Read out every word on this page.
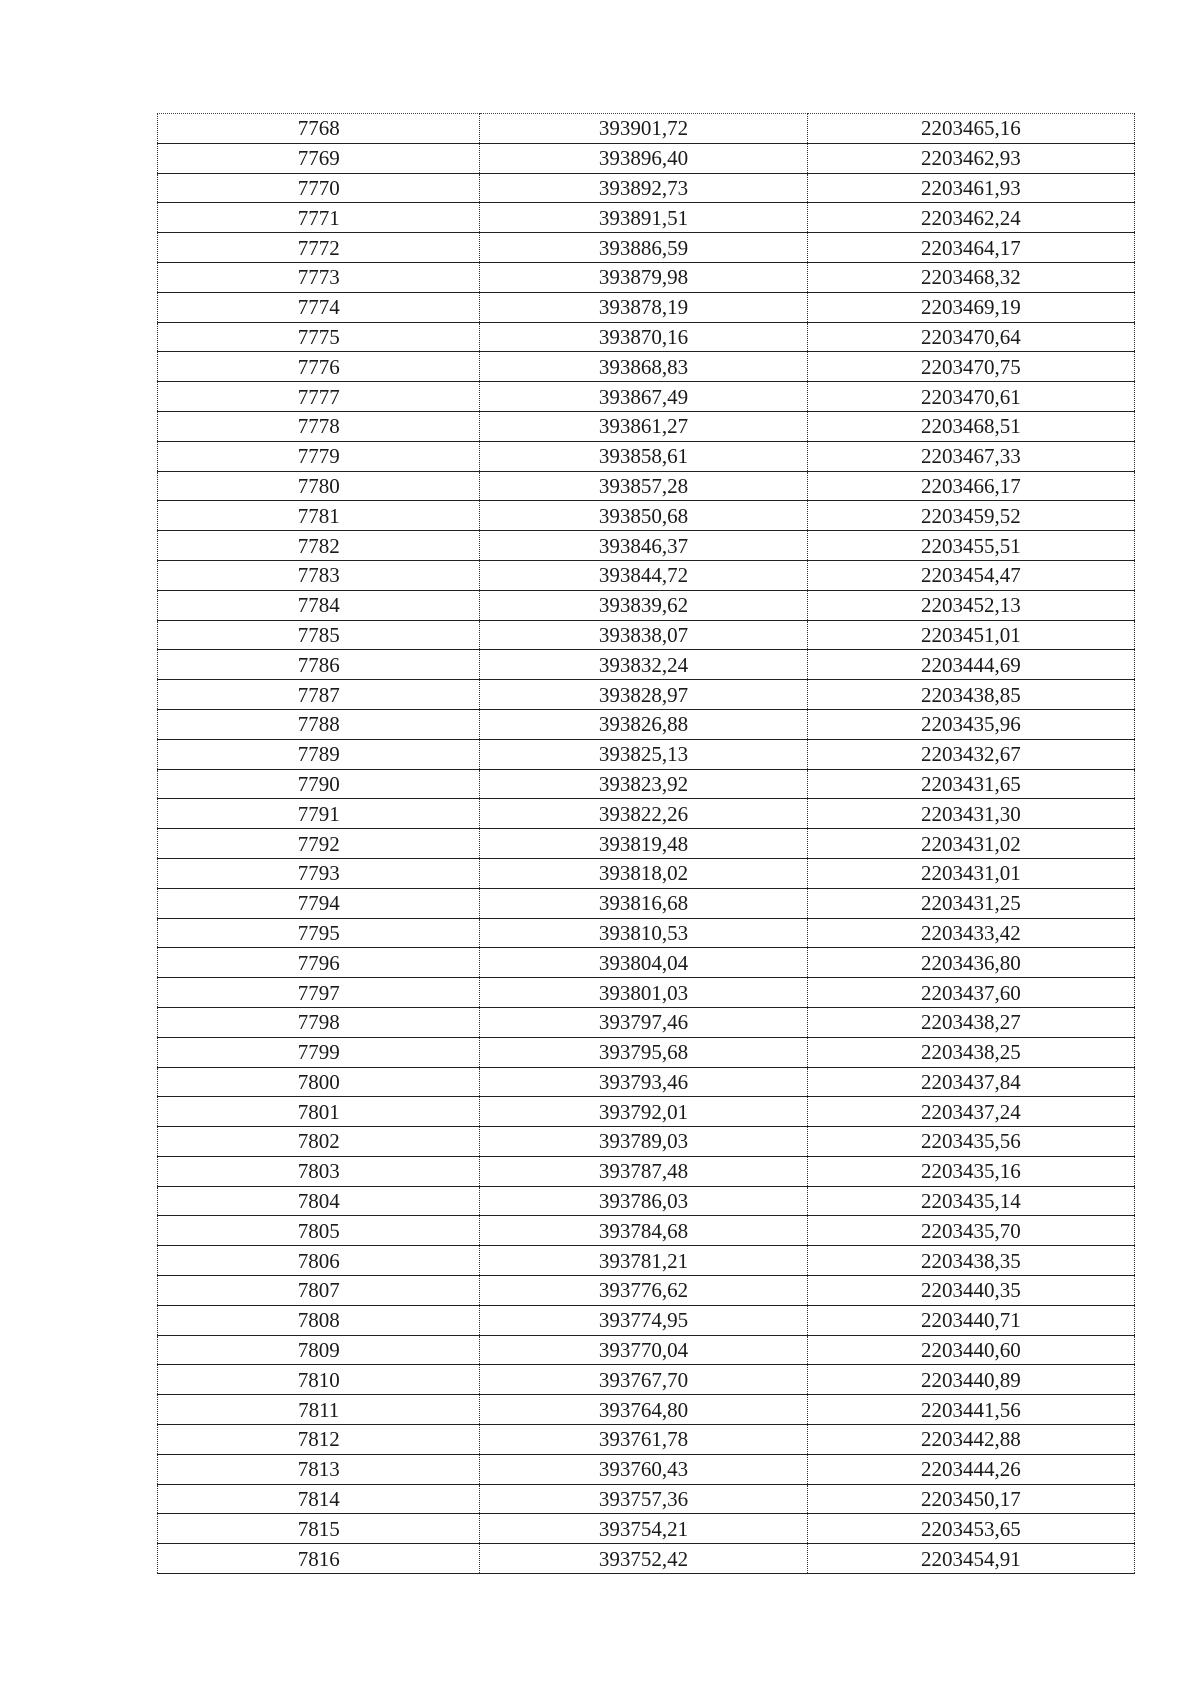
7768	393901,72	2203465,16
7769	393896,40	2203462,93
7770	393892,73	2203461,93
7771	393891,51	2203462,24
7772	393886,59	2203464,17
7773	393879,98	2203468,32
7774	393878,19	2203469,19
7775	393870,16	2203470,64
7776	393868,83	2203470,75
7777	393867,49	2203470,61
7778	393861,27	2203468,51
7779	393858,61	2203467,33
7780	393857,28	2203466,17
7781	393850,68	2203459,52
7782	393846,37	2203455,51
7783	393844,72	2203454,47
7784	393839,62	2203452,13
7785	393838,07	2203451,01
7786	393832,24	2203444,69
7787	393828,97	2203438,85
7788	393826,88	2203435,96
7789	393825,13	2203432,67
7790	393823,92	2203431,65
7791	393822,26	2203431,30
7792	393819,48	2203431,02
7793	393818,02	2203431,01
7794	393816,68	2203431,25
7795	393810,53	2203433,42
7796	393804,04	2203436,80
7797	393801,03	2203437,60
7798	393797,46	2203438,27
7799	393795,68	2203438,25
7800	393793,46	2203437,84
7801	393792,01	2203437,24
7802	393789,03	2203435,56
7803	393787,48	2203435,16
7804	393786,03	2203435,14
7805	393784,68	2203435,70
7806	393781,21	2203438,35
7807	393776,62	2203440,35
7808	393774,95	2203440,71
7809	393770,04	2203440,60
7810	393767,70	2203440,89
7811	393764,80	2203441,56
7812	393761,78	2203442,88
7813	393760,43	2203444,26
7814	393757,36	2203450,17
7815	393754,21	2203453,65
7816	393752,42	2203454,91
